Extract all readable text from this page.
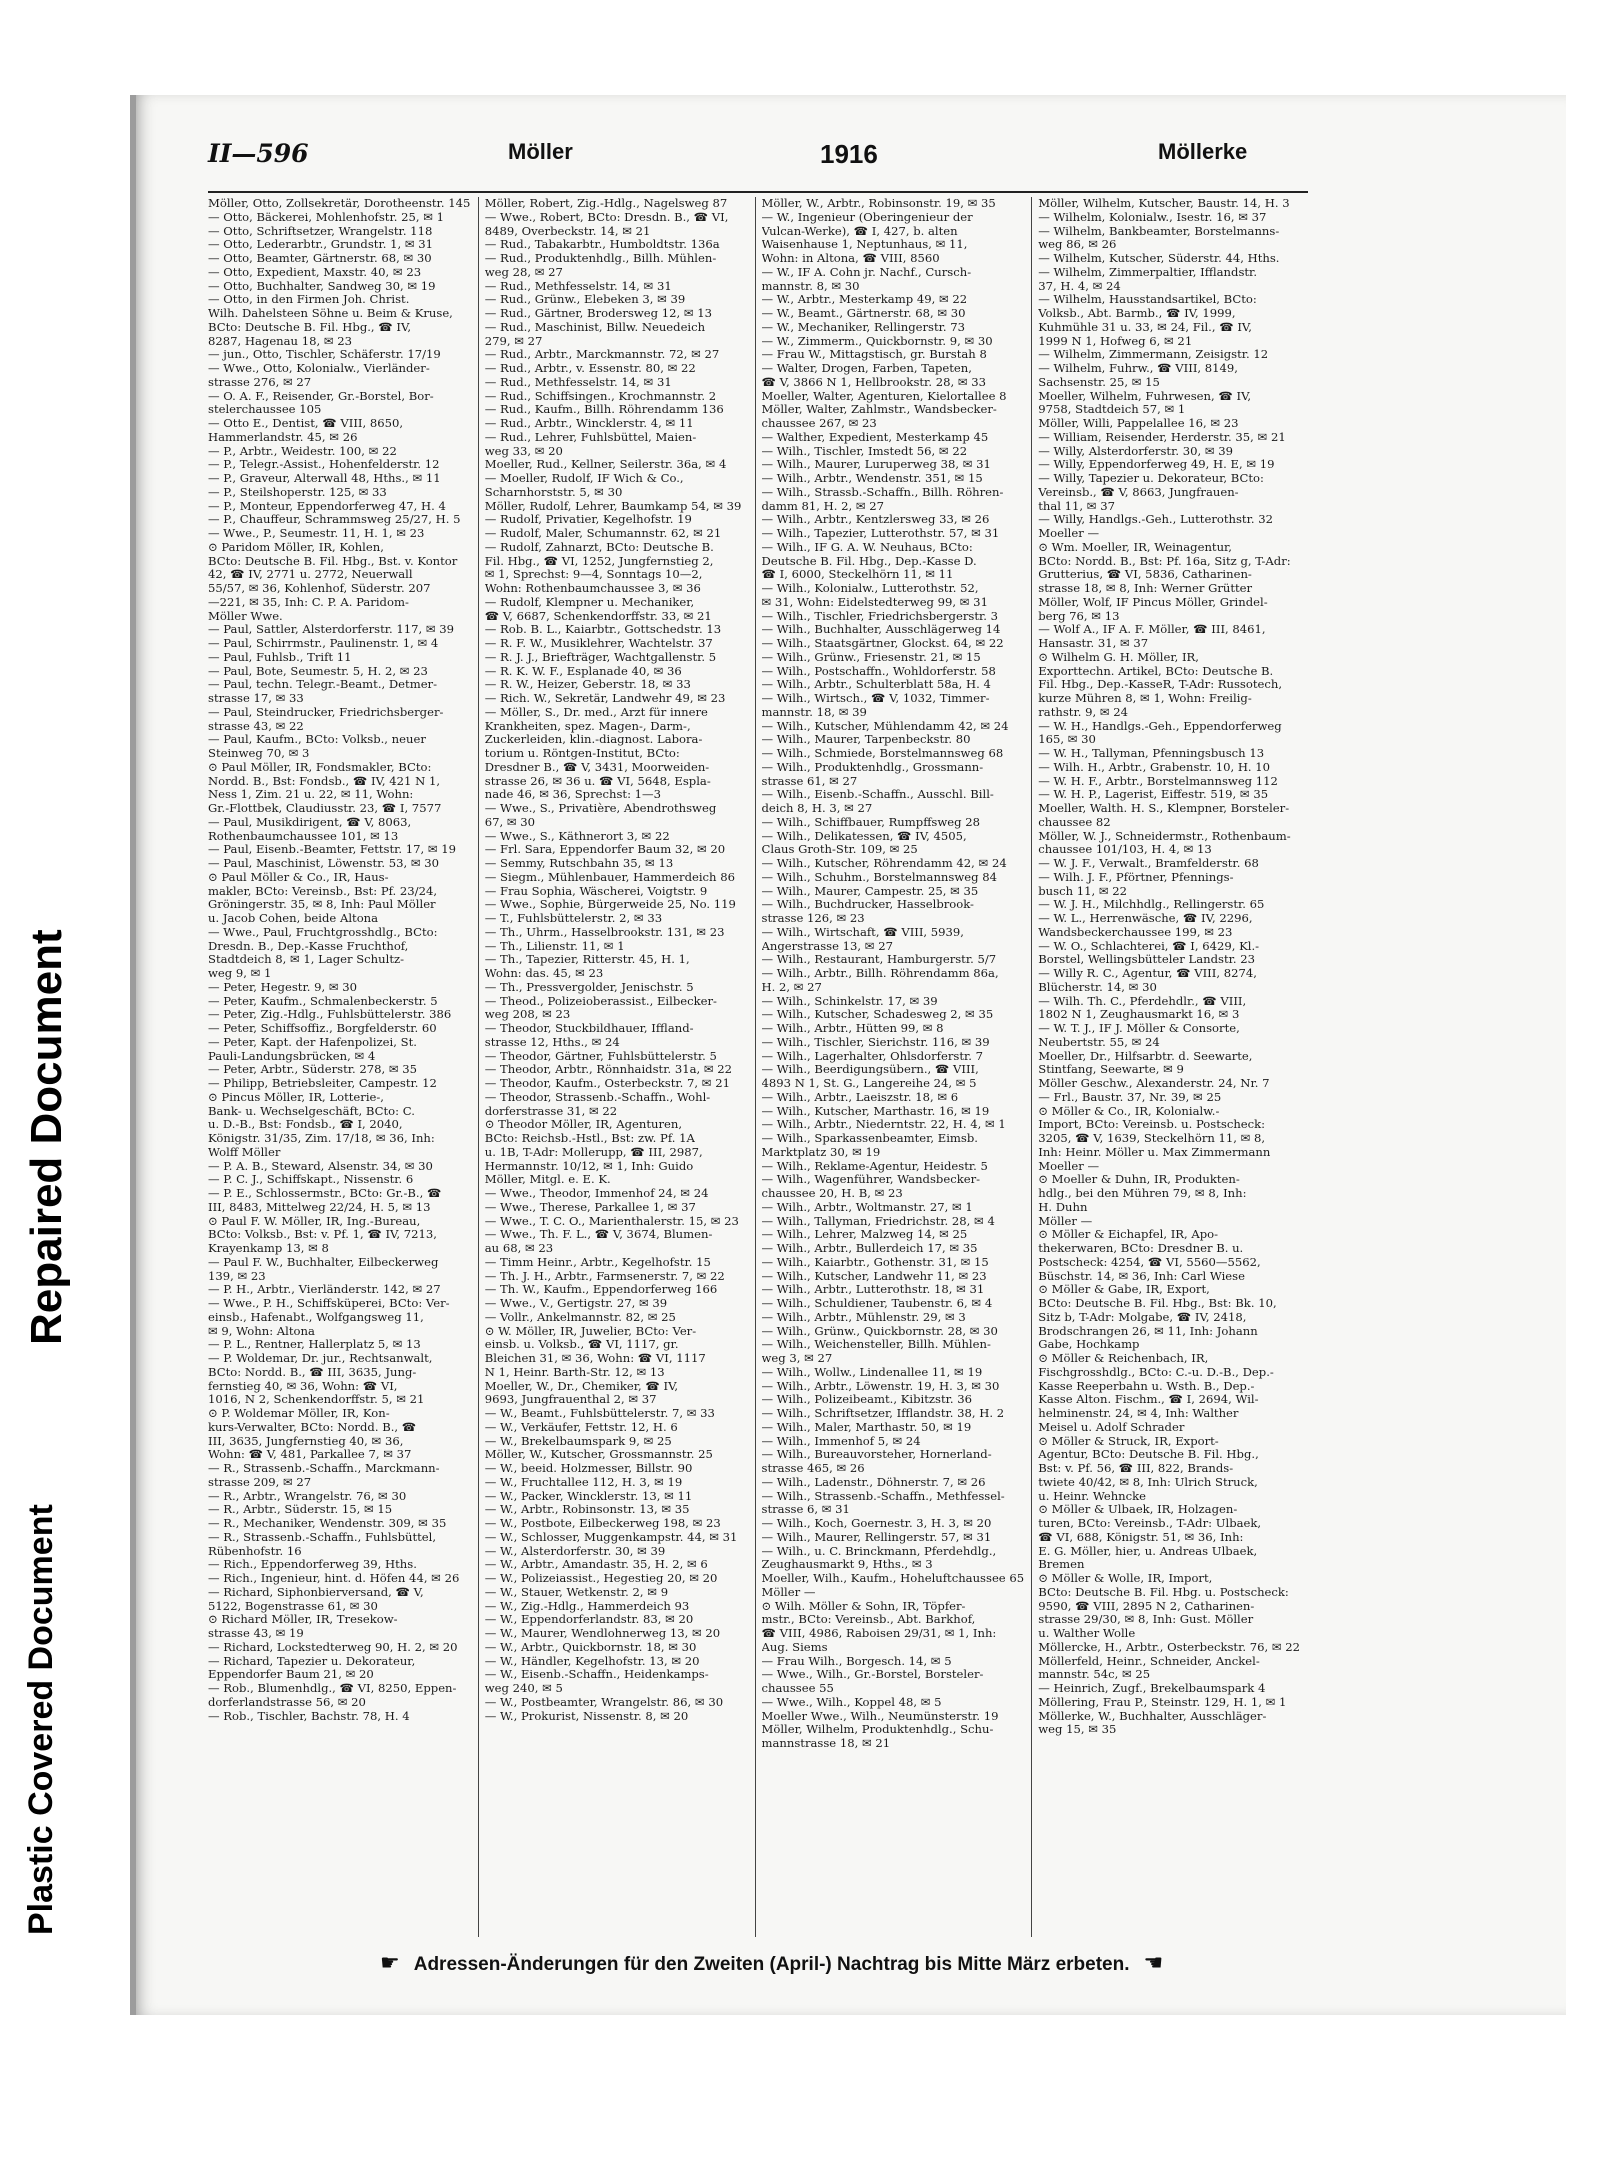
Repaired Document
Plastic Covered Document
II—596	Möller	1916	Möllerke
Möller, Otto, Zollsekretär, Dorotheenstr. 145
— Otto, Bäckerei, Mohlenhofstr. 25, ✉ 1
— Otto, Schriftsetzer, Wrangelstr. 118
— Otto, Lederarbtr., Grundstr. 1, ✉ 31
— Otto, Beamter, Gärtnerstr. 68, ✉ 30
— Otto, Expedient, Maxstr. 40, ✉ 23
— Otto, Buchhalter, Sandweg 30, ✉ 19
— Otto, in den Firmen Joh. Christ.
Wilh. Dahelsteen Söhne u. Beim & Kruse,
BCto: Deutsche B. Fil. Hbg., ☎ IV,
8287, Hagenau 18, ✉ 23
— jun., Otto, Tischler, Schäferstr. 17/19
— Wwe., Otto, Kolonialw., Vierländer-
strasse 276, ✉ 27
— O. A. F., Reisender, Gr.-Borstel, Bor-
stelerchaussee 105
— Otto E., Dentist, ☎ VIII, 8650,
Hammerlandstr. 45, ✉ 26
— P., Arbtr., Weidestr. 100, ✉ 22
— P., Telegr.-Assist., Hohenfelderstr. 12
— P., Graveur, Alterwall 48, Hths., ✉ 11
— P., Steilshoperstr. 125, ✉ 33
— P., Monteur, Eppendorferweg 47, H. 4
— P., Chauffeur, Schrammsweg 25/27, H. 5
— Wwe., P., Seumestr. 11, H. 1, ✉ 23
⊙ Paridom Möller, IR, Kohlen,
BCto: Deutsche B. Fil. Hbg., Bst. v. Kontor
42, ☎ IV, 2771 u. 2772, Neuerwall
55/57, ✉ 36, Kohlenhof, Süderstr. 207
—221, ✉ 35, Inh: C. P. A. Paridom-
Möller Wwe.
— Paul, Sattler, Alsterdorferstr. 117, ✉ 39
— Paul, Schirrmstr., Paulinenstr. 1, ✉ 4
— Paul, Fuhlsb., Trift 11
— Paul, Bote, Seumestr. 5, H. 2, ✉ 23
— Paul, techn. Telegr.-Beamt., Detmer-
strasse 17, ✉ 33
— Paul, Steindrucker, Friedrichsberger-
strasse 43, ✉ 22
— Paul, Kaufm., BCto: Volksb., neuer
Steinweg 70, ✉ 3
⊙ Paul Möller, IR, Fondsmakler, BCto:
Nordd. B., Bst: Fondsb., ☎ IV, 421 N 1,
Ness 1, Zim. 21 u. 22, ✉ 11, Wohn:
Gr.-Flottbek, Claudiusstr. 23, ☎ I, 7577
— Paul, Musikdirigent, ☎ V, 8063,
Rothenbaumchaussee 101, ✉ 13
— Paul, Eisenb.-Beamter, Fettstr. 17, ✉ 19
— Paul, Maschinist, Löwenstr. 53, ✉ 30
⊙ Paul Möller & Co., IR, Haus-
makler, BCto: Vereinsb., Bst: Pf. 23/24,
Gröningerstr. 35, ✉ 8, Inh: Paul Möller
u. Jacob Cohen, beide Altona
— Wwe., Paul, Fruchtgrosshdlg., BCto:
Dresdn. B., Dep.-Kasse Fruchthof,
Stadtdeich 8, ✉ 1, Lager Schultz-
weg 9, ✉ 1
— Peter, Hegestr. 9, ✉ 30
— Peter, Kaufm., Schmalenbeckerstr. 5
— Peter, Zig.-Hdlg., Fuhlsbüttelerstr. 386
— Peter, Schiffsoffiz., Borgfelderstr. 60
— Peter, Kapt. der Hafenpolizei, St.
Pauli-Landungsbrücken, ✉ 4
— Peter, Arbtr., Süderstr. 278, ✉ 35
— Philipp, Betriebsleiter, Campestr. 12
⊙ Pincus Möller, IR, Lotterie-,
Bank- u. Wechselgeschäft, BCto: C.
u. D.-B., Bst: Fondsb., ☎ I, 2040,
Königstr. 31/35, Zim. 17/18, ✉ 36, Inh:
Wolff Möller
— P. A. B., Steward, Alsenstr. 34, ✉ 30
— P. C. J., Schiffskapt., Nissenstr. 6
— P. E., Schlossermstr., BCto: Gr.-B., ☎
III, 8483, Mittelweg 22/24, H. 5, ✉ 13
⊙ Paul F. W. Möller, IR, Ing.-Bureau,
BCto: Volksb., Bst: v. Pf. 1, ☎ IV, 7213,
Krayenkamp 13, ✉ 8
— Paul F. W., Buchhalter, Eilbeckerweg
139, ✉ 23
— P. H., Arbtr., Vierländerstr. 142, ✉ 27
— Wwe., P. H., Schiffsküperei, BCto: Ver-
einsb., Hafenabt., Wolfgangsweg 11,
✉ 9, Wohn: Altona
— P. L., Rentner, Hallerplatz 5, ✉ 13
— P. Woldemar, Dr. jur., Rechtsanwalt,
BCto: Nordd. B., ☎ III, 3635, Jung-
fernstieg 40, ✉ 36, Wohn: ☎ VI,
1016, N 2, Schenkendorffstr. 5, ✉ 21
⊙ P. Woldemar Möller, IR, Kon-
kurs-Verwalter, BCto: Nordd. B., ☎
III, 3635, Jungfernstieg 40, ✉ 36,
Wohn: ☎ V, 481, Parkallee 7, ✉ 37
— R., Strassenb.-Schaffn., Marckmann-
strasse 209, ✉ 27
— R., Arbtr., Wrangelstr. 76, ✉ 30
— R., Arbtr., Süderstr. 15, ✉ 15
— R., Mechaniker, Wendenstr. 309, ✉ 35
— R., Strassenb.-Schaffn., Fuhlsbüttel,
Rübenhofstr. 16
— Rich., Eppendorferweg 39, Hths.
— Rich., Ingenieur, hint. d. Höfen 44, ✉ 26
— Richard, Siphonbierversand, ☎ V,
5122, Bogenstrasse 61, ✉ 30
⊙ Richard Möller, IR, Tresekow-
strasse 43, ✉ 19
— Richard, Lockstedterweg 90, H. 2, ✉ 20
— Richard, Tapezier u. Dekorateur,
Eppendorfer Baum 21, ✉ 20
— Rob., Blumenhdlg., ☎ VI, 8250, Eppen-
dorferlandstrasse 56, ✉ 20
— Rob., Tischler, Bachstr. 78, H. 4
Möller, Robert, Zig.-Hdlg., Nagelsweg 87
— Wwe., Robert, BCto: Dresdn. B., ☎ VI,
8489, Overbeckstr. 14, ✉ 21
— Rud., Tabakarbtr., Humboldtstr. 136a
— Rud., Produktenhdlg., Billh. Mühlen-
weg 28, ✉ 27
— Rud., Methfesselstr. 14, ✉ 31
— Rud., Grünw., Elebeken 3, ✉ 39
— Rud., Gärtner, Brodersweg 12, ✉ 13
— Rud., Maschinist, Billw. Neuedeich
279, ✉ 27
— Rud., Arbtr., Marckmannstr. 72, ✉ 27
— Rud., Arbtr., v. Essenstr. 80, ✉ 22
— Rud., Methfesselstr. 14, ✉ 31
— Rud., Schiffsingen., Krochmannstr. 2
— Rud., Kaufm., Billh. Röhrendamm 136
— Rud., Arbtr., Wincklerstr. 4, ✉ 11
— Rud., Lehrer, Fuhlsbüttel, Maien-
weg 33, ✉ 20
Moeller, Rud., Kellner, Seilerstr. 36a, ✉ 4
— Moeller, Rudolf, IF Wich & Co.,
Scharnhorststr. 5, ✉ 30
Möller, Rudolf, Lehrer, Baumkamp 54, ✉ 39
— Rudolf, Privatier, Kegelhofstr. 19
— Rudolf, Maler, Schumannstr. 62, ✉ 21
— Rudolf, Zahnarzt, BCto: Deutsche B.
Fil. Hbg., ☎ VI, 1252, Jungfernstieg 2,
✉ 1, Sprechst: 9—4, Sonntags 10—2,
Wohn: Rothenbaumchaussee 3, ✉ 36
— Rudolf, Klempner u. Mechaniker,
☎ V, 6687, Schenkendorffstr. 33, ✉ 21
— Rob. B. L., Kaiarbtr., Gottschedstr. 13
— R. F. W., Musiklehrer, Wachtelstr. 37
— R. J. J., Briefträger, Wachtgallenstr. 5
— R. K. W. F., Esplanade 40, ✉ 36
— R. W., Heizer, Geberstr. 18, ✉ 33
— Rich. W., Sekretär, Landwehr 49, ✉ 23
— Möller, S., Dr. med., Arzt für innere
Krankheiten, spez. Magen-, Darm-,
Zuckerleiden, klin.-diagnost. Labora-
torium u. Röntgen-Institut, BCto:
Dresdner B., ☎ V, 3431, Moorweiden-
strasse 26, ✉ 36 u. ☎ VI, 5648, Espla-
nade 46, ✉ 36, Sprechst: 1—3
— Wwe., S., Privatière, Abendrothsweg
67, ✉ 30
— Wwe., S., Käthnerort 3, ✉ 22
— Frl. Sara, Eppendorfer Baum 32, ✉ 20
— Semmy, Rutschbahn 35, ✉ 13
— Siegm., Mühlenbauer, Hammerdeich 86
— Frau Sophia, Wäscherei, Voigtstr. 9
— Wwe., Sophie, Bürgerweide 25, No. 119
— T., Fuhlsbüttelerstr. 2, ✉ 33
— Th., Uhrm., Hasselbrookstr. 131, ✉ 23
— Th., Lilienstr. 11, ✉ 1
— Th., Tapezier, Ritterstr. 45, H. 1,
Wohn: das. 45, ✉ 23
— Th., Pressvergolder, Jenischstr. 5
— Theod., Polizeioberassist., Eilbecker-
weg 208, ✉ 23
— Theodor, Stuckbildhauer, Iffland-
strasse 12, Hths., ✉ 24
— Theodor, Gärtner, Fuhlsbüttelerstr. 5
— Theodor, Arbtr., Rönnhaidstr. 31a, ✉ 22
— Theodor, Kaufm., Osterbeckstr. 7, ✉ 21
— Theodor, Strassenb.-Schaffn., Wohl-
dorferstrasse 31, ✉ 22
⊙ Theodor Möller, IR, Agenturen,
BCto: Reichsb.-Hstl., Bst: zw. Pf. 1A
u. 1B, T-Adr: Mollerupp, ☎ III, 2987,
Hermannstr. 10/12, ✉ 1, Inh: Guido
Möller, Mitgl. e. E. K.
— Wwe., Theodor, Immenhof 24, ✉ 24
— Wwe., Therese, Parkallee 1, ✉ 37
— Wwe., T. C. O., Marienthalerstr. 15, ✉ 23
— Wwe., Th. F. L., ☎ V, 3674, Blumen-
au 68, ✉ 23
— Timm Heinr., Arbtr., Kegelhofstr. 15
— Th. J. H., Arbtr., Farmsenerstr. 7, ✉ 22
— Th. W., Kaufm., Eppendorferweg 166
— Wwe., V., Gertigstr. 27, ✉ 39
— Vollr., Ankelmannstr. 82, ✉ 25
⊙ W. Möller, IR, Juwelier, BCto: Ver-
einsb. u. Volksb., ☎ VI, 1117, gr.
Bleichen 31, ✉ 36, Wohn: ☎ VI, 1117
N 1, Heinr. Barth-Str. 12, ✉ 13
Moeller, W., Dr., Chemiker, ☎ IV,
9693, Jungfrauenthal 2, ✉ 37
— W., Beamt., Fuhlsbüttelerstr. 7, ✉ 33
— W., Verkäufer, Fettstr. 12, H. 6
— W., Brekelbaumspark 9, ✉ 25
Möller, W., Kutscher, Grossmannstr. 25
— W., beeid. Holzmesser, Billstr. 90
— W., Fruchtallee 112, H. 3, ✉ 19
— W., Packer, Wincklerstr. 13, ✉ 11
— W., Arbtr., Robinsonstr. 13, ✉ 35
— W., Postbote, Eilbeckerweg 198, ✉ 23
— W., Schlosser, Muggenkampstr. 44, ✉ 31
— W., Alsterdorferstr. 30, ✉ 39
— W., Arbtr., Amandastr. 35, H. 2, ✉ 6
— W., Polizeiassist., Hegestieg 20, ✉ 20
— W., Stauer, Wetkenstr. 2, ✉ 9
— W., Zig.-Hdlg., Hammerdeich 93
— W., Eppendorferlandstr. 83, ✉ 20
— W., Maurer, Wendlohnerweg 13, ✉ 20
— W., Arbtr., Quickbornstr. 18, ✉ 30
— W., Händler, Kegelhofstr. 13, ✉ 20
— W., Eisenb.-Schaffn., Heidenkamps-
weg 240, ✉ 5
— W., Postbeamter, Wrangelstr. 86, ✉ 30
— W., Prokurist, Nissenstr. 8, ✉ 20
Möller, W., Arbtr., Robinsonstr. 19, ✉ 35
— W., Ingenieur (Oberingenieur der
Vulcan-Werke), ☎ I, 427, b. alten
Waisenhause 1, Neptunhaus, ✉ 11,
Wohn: in Altona, ☎ VIII, 8560
— W., IF A. Cohn jr. Nachf., Cursch-
mannstr. 8, ✉ 30
— W., Arbtr., Mesterkamp 49, ✉ 22
— W., Beamt., Gärtnerstr. 68, ✉ 30
— W., Mechaniker, Rellingerstr. 73
— W., Zimmerm., Quickbornstr. 9, ✉ 30
— Frau W., Mittagstisch, gr. Burstah 8
— Walter, Drogen, Farben, Tapeten,
☎ V, 3866 N 1, Hellbrookstr. 28, ✉ 33
Moeller, Walter, Agenturen, Kielortallee 8
Möller, Walter, Zahlmstr., Wandsbecker-
chaussee 267, ✉ 23
— Walther, Expedient, Mesterkamp 45
— Wilh., Tischler, Imstedt 56, ✉ 22
— Wilh., Maurer, Luruperweg 38, ✉ 31
— Wilh., Arbtr., Wendenstr. 351, ✉ 15
— Wilh., Strassb.-Schaffn., Billh. Röhren-
damm 81, H. 2, ✉ 27
— Wilh., Arbtr., Kentzlersweg 33, ✉ 26
— Wilh., Tapezier, Lutterothstr. 57, ✉ 31
— Wilh., IF G. A. W. Neuhaus, BCto:
Deutsche B. Fil. Hbg., Dep.-Kasse D.
☎ I, 6000, Steckelhörn 11, ✉ 11
— Wilh., Kolonialw., Lutterothstr. 52,
✉ 31, Wohn: Eidelstedterweg 99, ✉ 31
— Wilh., Tischler, Friedrichsbergerstr. 3
— Wilh., Buchhalter, Ausschlägerweg 14
— Wilh., Staatsgärtner, Glockst. 64, ✉ 22
— Wilh., Grünw., Friesenstr. 21, ✉ 15
— Wilh., Postschaffn., Wohldorferstr. 58
— Wilh., Arbtr., Schulterblatt 58a, H. 4
— Wilh., Wirtsch., ☎ V, 1032, Timmer-
mannstr. 18, ✉ 39
— Wilh., Kutscher, Mühlendamm 42, ✉ 24
— Wilh., Maurer, Tarpenbeckstr. 80
— Wilh., Schmiede, Borstelmannsweg 68
— Wilh., Produktenhdlg., Grossmann-
strasse 61, ✉ 27
— Wilh., Eisenb.-Schaffn., Ausschl. Bill-
deich 8, H. 3, ✉ 27
— Wilh., Schiffbauer, Rumpffsweg 28
— Wilh., Delikatessen, ☎ IV, 4505,
Claus Groth-Str. 109, ✉ 25
— Wilh., Kutscher, Röhrendamm 42, ✉ 24
— Wilh., Schuhm., Borstelmannsweg 84
— Wilh., Maurer, Campestr. 25, ✉ 35
— Wilh., Buchdrucker, Hasselbrook-
strasse 126, ✉ 23
— Wilh., Wirtschaft, ☎ VIII, 5939,
Angerstrasse 13, ✉ 27
— Wilh., Restaurant, Hamburgerstr. 5/7
— Wilh., Arbtr., Billh. Röhrendamm 86a,
H. 2, ✉ 27
— Wilh., Schinkelstr. 17, ✉ 39
— Wilh., Kutscher, Schadesweg 2, ✉ 35
— Wilh., Arbtr., Hütten 99, ✉ 8
— Wilh., Tischler, Sierichstr. 116, ✉ 39
— Wilh., Lagerhalter, Ohlsdorferstr. 7
— Wilh., Beerdigungsübern., ☎ VIII,
4893 N 1, St. G., Langereihe 24, ✉ 5
— Wilh., Arbtr., Laeiszstr. 18, ✉ 6
— Wilh., Kutscher, Marthastr. 16, ✉ 19
— Wilh., Arbtr., Niederntstr. 22, H. 4, ✉ 1
— Wilh., Sparkassenbeamter, Eimsb.
Marktplatz 30, ✉ 19
— Wilh., Reklame-Agentur, Heidestr. 5
— Wilh., Wagenführer, Wandsbecker-
chaussee 20, H. B, ✉ 23
— Wilh., Arbtr., Woltmanstr. 27, ✉ 1
— Wilh., Tallyman, Friedrichstr. 28, ✉ 4
— Wilh., Lehrer, Malzweg 14, ✉ 25
— Wilh., Arbtr., Bullerdeich 17, ✉ 35
— Wilh., Kaiarbtr., Gothenstr. 31, ✉ 15
— Wilh., Kutscher, Landwehr 11, ✉ 23
— Wilh., Arbtr., Lutterothstr. 18, ✉ 31
— Wilh., Schuldiener, Taubenstr. 6, ✉ 4
— Wilh., Arbtr., Mühlenstr. 29, ✉ 3
— Wilh., Grünw., Quickbornstr. 28, ✉ 30
— Wilh., Weichensteller, Billh. Mühlen-
weg 3, ✉ 27
— Wilh., Wollw., Lindenallee 11, ✉ 19
— Wilh., Arbtr., Löwenstr. 19, H. 3, ✉ 30
— Wilh., Polizeibeamt., Kibitzstr. 36
— Wilh., Schriftsetzer, Ifflandstr. 38, H. 2
— Wilh., Maler, Marthastr. 50, ✉ 19
— Wilh., Immenhof 5, ✉ 24
— Wilh., Bureauvorsteher, Hornerland-
strasse 465, ✉ 26
— Wilh., Ladenstr., Döhnerstr. 7, ✉ 26
— Wilh., Strassenb.-Schaffn., Methfessel-
strasse 6, ✉ 31
— Wilh., Koch, Goernestr. 3, H. 3, ✉ 20
— Wilh., Maurer, Rellingerstr. 57, ✉ 31
— Wilh., u. C. Brinckmann, Pferdehdlg.,
Zeughausmarkt 9, Hths., ✉ 3
Moeller, Wilh., Kaufm., Hoheluftchaussee 65
Möller —
⊙ Wilh. Möller & Sohn, IR, Töpfer-
mstr., BCto: Vereinsb., Abt. Barkhof,
☎ VIII, 4986, Raboisen 29/31, ✉ 1, Inh:
Aug. Siems
— Frau Wilh., Borgesch. 14, ✉ 5
— Wwe., Wilh., Gr.-Borstel, Borsteler-
chaussee 55
— Wwe., Wilh., Koppel 48, ✉ 5
Moeller Wwe., Wilh., Neumünsterstr. 19
Möller, Wilhelm, Produktenhdlg., Schu-
mannstrasse 18, ✉ 21
Möller, Wilhelm, Kutscher, Baustr. 14, H. 3
— Wilhelm, Kolonialw., Isestr. 16, ✉ 37
— Wilhelm, Bankbeamter, Borstelmanns-
weg 86, ✉ 26
— Wilhelm, Kutscher, Süderstr. 44, Hths.
— Wilhelm, Zimmerpaltier, Ifflandstr.
37, H. 4, ✉ 24
— Wilhelm, Hausstandsartikel, BCto:
Volksb., Abt. Barmb., ☎ IV, 1999,
Kuhmühle 31 u. 33, ✉ 24, Fil., ☎ IV,
1999 N 1, Hofweg 6, ✉ 21
— Wilhelm, Zimmermann, Zeisigstr. 12
— Wilhelm, Fuhrw., ☎ VIII, 8149,
Sachsenstr. 25, ✉ 15
Moeller, Wilhelm, Fuhrwesen, ☎ IV,
9758, Stadtdeich 57, ✉ 1
Möller, Willi, Pappelallee 16, ✉ 23
— William, Reisender, Herderstr. 35, ✉ 21
— Willy, Alsterdorferstr. 30, ✉ 39
— Willy, Eppendorferweg 49, H. E, ✉ 19
— Willy, Tapezier u. Dekorateur, BCto:
Vereinsb., ☎ V, 8663, Jungfrauen-
thal 11, ✉ 37
— Willy, Handlgs.-Geh., Lutterothstr. 32
Moeller —
⊙ Wm. Moeller, IR, Weinagentur,
BCto: Nordd. B., Bst: Pf. 16a, Sitz g, T-Adr:
Grutterius, ☎ VI, 5836, Catharinen-
strasse 18, ✉ 8, Inh: Werner Grütter
Möller, Wolf, IF Pincus Möller, Grindel-
berg 76, ✉ 13
— Wolf A., IF A. F. Möller, ☎ III, 8461,
Hansastr. 31, ✉ 37
⊙ Wilhelm G. H. Möller, IR,
Exporttechn. Artikel, BCto: Deutsche B.
Fil. Hbg., Dep.-KasseR, T-Adr: Russotech,
kurze Mühren 8, ✉ 1, Wohn: Freilig-
rathstr. 9, ✉ 24
— W. H., Handlgs.-Geh., Eppendorferweg
165, ✉ 30
— W. H., Tallyman, Pfenningsbusch 13
— Wilh. H., Arbtr., Grabenstr. 10, H. 10
— W. H. F., Arbtr., Borstelmannsweg 112
— W. H. P., Lagerist, Eiffestr. 519, ✉ 35
Moeller, Walth. H. S., Klempner, Borsteler-
chaussee 82
Möller, W. J., Schneidermstr., Rothenbaum-
chaussee 101/103, H. 4, ✉ 13
— W. J. F., Verwalt., Bramfelderstr. 68
— Wilh. J. F., Pförtner, Pfennings-
busch 11, ✉ 22
— W. J. H., Milchhdlg., Rellingerstr. 65
— W. L., Herrenwäsche, ☎ IV, 2296,
Wandsbeckerchaussee 199, ✉ 23
— W. O., Schlachterei, ☎ I, 6429, Kl.-
Borstel, Wellingsbütteler Landstr. 23
— Willy R. C., Agentur, ☎ VIII, 8274,
Blücherstr. 14, ✉ 30
— Wilh. Th. C., Pferdehdlr., ☎ VIII,
1802 N 1, Zeughausmarkt 16, ✉ 3
— W. T. J., IF J. Möller & Consorte,
Neubertstr. 55, ✉ 24
Moeller, Dr., Hilfsarbtr. d. Seewarte,
Stintfang, Seewarte, ✉ 9
Möller Geschw., Alexanderstr. 24, Nr. 7
— Frl., Baustr. 37, Nr. 39, ✉ 25
⊙ Möller & Co., IR, Kolonialw.-
Import, BCto: Vereinsb. u. Postscheck:
3205, ☎ V, 1639, Steckelhörn 11, ✉ 8,
Inh: Heinr. Möller u. Max Zimmermann
Moeller —
⊙ Moeller & Duhn, IR, Produkten-
hdlg., bei den Mühren 79, ✉ 8, Inh:
H. Duhn
Möller —
⊙ Möller & Eichapfel, IR, Apo-
thekerwaren, BCto: Dresdner B. u.
Postscheck: 4254, ☎ VI, 5560—5562,
Büschstr. 14, ✉ 36, Inh: Carl Wiese
⊙ Möller & Gabe, IR, Export,
BCto: Deutsche B. Fil. Hbg., Bst: Bk. 10,
Sitz b, T-Adr: Molgabe, ☎ IV, 2418,
Brodschrangen 26, ✉ 11, Inh: Johann
Gabe, Hochkamp
⊙ Möller & Reichenbach, IR,
Fischgrosshdlg., BCto: C.-u. D.-B., Dep.-
Kasse Reeperbahn u. Wsth. B., Dep.-
Kasse Alton. Fischm., ☎ I, 2694, Wil-
helminenstr. 24, ✉ 4, Inh: Walther
Meisel u. Adolf Schrader
⊙ Möller & Struck, IR, Export-
Agentur, BCto: Deutsche B. Fil. Hbg.,
Bst: v. Pf. 56, ☎ III, 822, Brands-
twiete 40/42, ✉ 8, Inh: Ulrich Struck,
u. Heinr. Wehncke
⊙ Möller & Ulbaek, IR, Holzagen-
turen, BCto: Vereinsb., T-Adr: Ulbaek,
☎ VI, 688, Königstr. 51, ✉ 36, Inh:
E. G. Möller, hier, u. Andreas Ulbaek,
Bremen
⊙ Möller & Wolle, IR, Import,
BCto: Deutsche B. Fil. Hbg. u. Postscheck:
9590, ☎ VIII, 2895 N 2, Catharinen-
strasse 29/30, ✉ 8, Inh: Gust. Möller
u. Walther Wolle
Möllercke, H., Arbtr., Osterbeckstr. 76, ✉ 22
Möllerfeld, Heinr., Schneider, Anckel-
mannstr. 54c, ✉ 25
— Heinrich, Zugf., Brekelbaumspark 4
Möllering, Frau P., Steinstr. 129, H. 1, ✉ 1
Möllerke, W., Buchhalter, Ausschläger-
weg 15, ✉ 35
☛ Adressen-Änderungen für den Zweiten (April-) Nachtrag bis Mitte März erbeten. ☚
